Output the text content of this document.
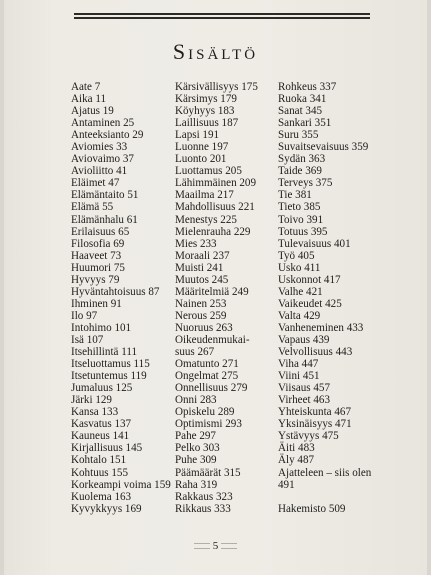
Sisältö
Aate 7
Aika 11
Ajatus 19
Antaminen 25
Anteeksianto 29
Aviomies 33
Aviovaimo 37
Avioliitto 41
Eläimet 47
Elämäntaito 51
Elämä 55
Elämänhalu 61
Erilaisuus 65
Filosofia 69
Haaveet 73
Huumori 75
Hyvyys 79
Hyväntahtoisuus 87
Ihminen 91
Ilo 97
Intohimo 101
Isä 107
Itsehillintä 111
Itseluottamus 115
Itsetuntemus 119
Jumaluus 125
Järki 129
Kansa 133
Kasvatus 137
Kauneus 141
Kirjallisuus 145
Kohtalo 151
Kohtuus 155
Korkeampi voima 159
Kuolema 163
Kyvykkyys 169
Kärsivällisyys 175
Kärsimys 179
Köyhyys 183
Laillisuus 187
Lapsi 191
Luonne 197
Luonto 201
Luottamus 205
Lähimmäinen 209
Maailma 217
Mahdollisuus 221
Menestys 225
Mielenrauha 229
Mies 233
Moraali 237
Muisti 241
Muutos 245
Määritelmiä 249
Nainen 253
Nerous 259
Nuoruus 263
Oikeudenmukai-
suus 267
Omatunto 271
Ongelmat 275
Onnellisuus 279
Onni 283
Opiskelu 289
Optimismi 293
Pahe 297
Pelko 303
Puhe 309
Päämäärät 315
Raha 319
Rakkaus 323
Rikkaus 333
Rohkeus 337
Ruoka 341
Sanat 345
Sankari 351
Suru 355
Suvaitsevaisuus 359
Sydän 363
Taide 369
Terveys 375
Tie 381
Tieto 385
Toivo 391
Totuus 395
Tulevaisuus 401
Työ 405
Usko 411
Uskonnot 417
Valhe 421
Vaikeudet 425
Valta 429
Vanheneminen 433
Vapaus 439
Velvollisuus 443
Viha 447
Viini 451
Viisaus 457
Virheet 463
Yhteiskunta 467
Yksinäisyys 471
Ystävyys 475
Äiti 483
Äly 487
Ajatteleen – siis olen
491
Hakemisto 509
5
